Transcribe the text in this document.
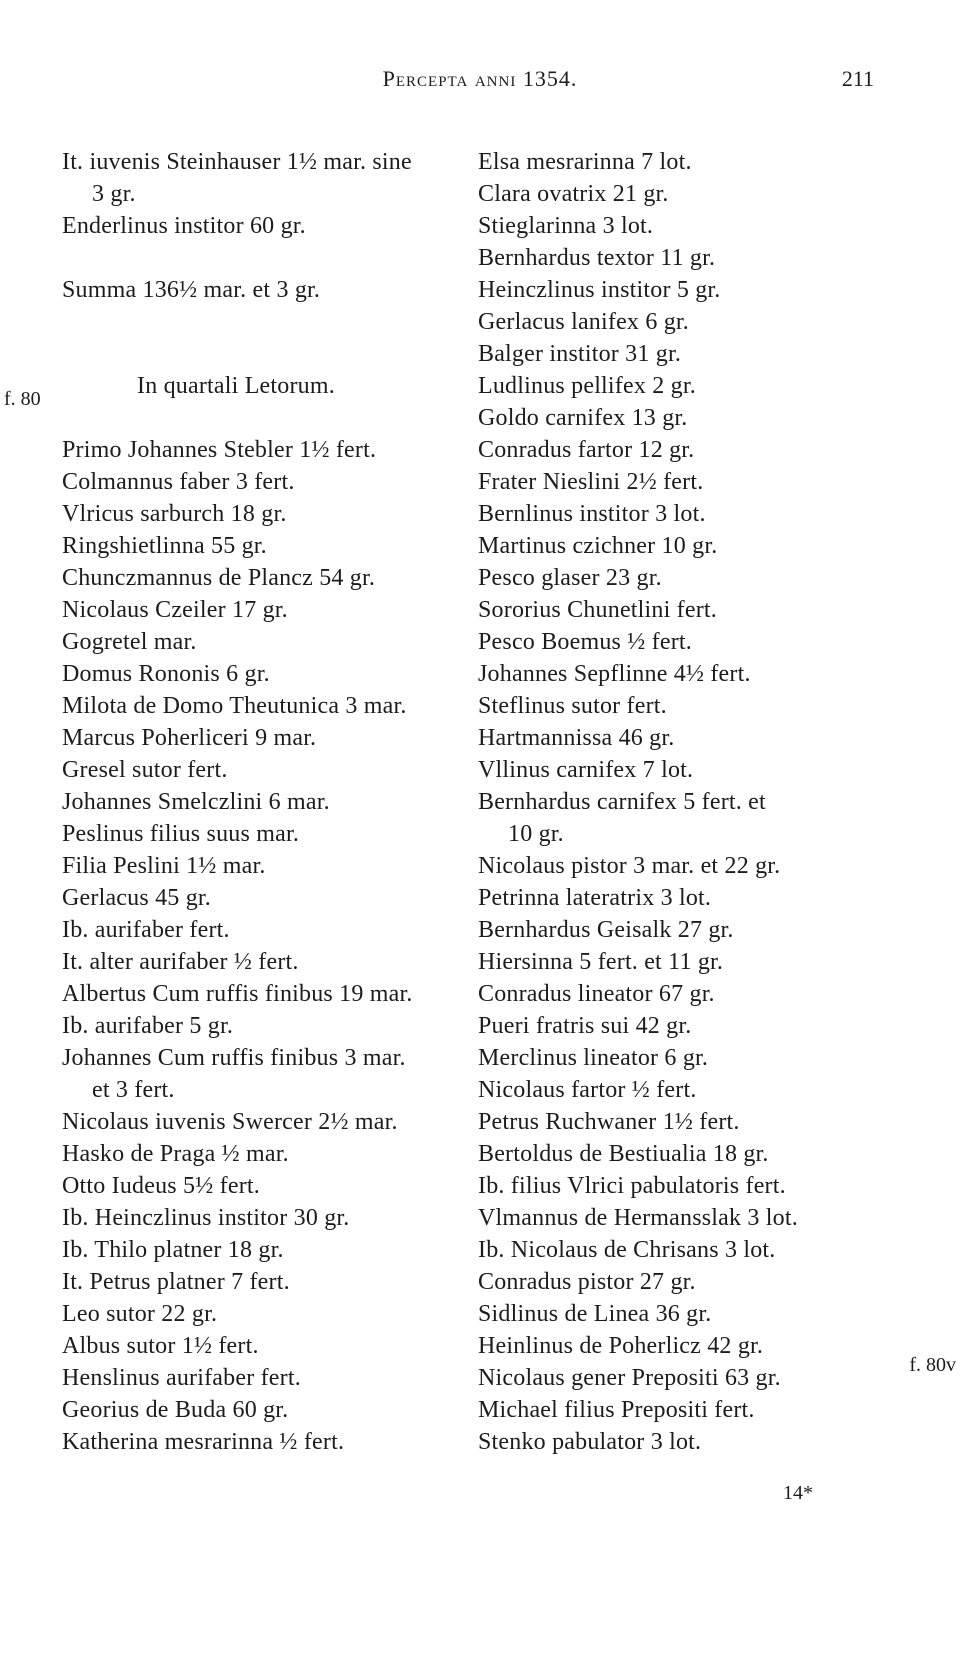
Percepta anni 1354.	211
f. 80
f. 80v
It. iuvenis Steinhauser 1½ mar. sine
3 gr.
Enderlinus institor 60 gr.
Summa 136½ mar. et 3 gr.
In quartali Letorum.
Primo Johannes Stebler 1½ fert.
Colmannus faber 3 fert.
Vlricus sarburch 18 gr.
Ringshietlinna 55 gr.
Chunczmannus de Plancz 54 gr.
Nicolaus Czeiler 17 gr.
Gogretel mar.
Domus Rononis 6 gr.
Milota de Domo Theutunica 3 mar.
Marcus Poherliceri 9 mar.
Gresel sutor fert.
Johannes Smelczlini 6 mar.
Peslinus filius suus mar.
Filia Peslini 1½ mar.
Gerlacus 45 gr.
Ib. aurifaber fert.
It. alter aurifaber ½ fert.
Albertus Cum ruffis finibus 19 mar.
Ib. aurifaber 5 gr.
Johannes Cum ruffis finibus 3 mar.
et 3 fert.
Nicolaus iuvenis Swercer 2½ mar.
Hasko de Praga ½ mar.
Otto Iudeus 5½ fert.
Ib. Heinczlinus institor 30 gr.
Ib. Thilo platner 18 gr.
It. Petrus platner 7 fert.
Leo sutor 22 gr.
Albus sutor 1½ fert.
Henslinus aurifaber fert.
Georius de Buda 60 gr.
Katherina mesrarinna ½ fert.
Elsa mesrarinna 7 lot.
Clara ovatrix 21 gr.
Stieglarinna 3 lot.
Bernhardus textor 11 gr.
Heinczlinus institor 5 gr.
Gerlacus lanifex 6 gr.
Balger institor 31 gr.
Ludlinus pellifex 2 gr.
Goldo carnifex 13 gr.
Conradus fartor 12 gr.
Frater Nieslini 2½ fert.
Bernlinus institor 3 lot.
Martinus czichner 10 gr.
Pesco glaser 23 gr.
Sororius Chunetlini fert.
Pesco Boemus ½ fert.
Johannes Sepflinne 4½ fert.
Steflinus sutor fert.
Hartmannissa 46 gr.
Vllinus carnifex 7 lot.
Bernhardus carnifex 5 fert. et
10 gr.
Nicolaus pistor 3 mar. et 22 gr.
Petrinna lateratrix 3 lot.
Bernhardus Geisalk 27 gr.
Hiersinna 5 fert. et 11 gr.
Conradus lineator 67 gr.
Pueri fratris sui 42 gr.
Merclinus lineator 6 gr.
Nicolaus fartor ½ fert.
Petrus Ruchwaner 1½ fert.
Bertoldus de Bestiualia 18 gr.
Ib. filius Vlrici pabulatoris fert.
Vlmannus de Hermansslak 3 lot.
Ib. Nicolaus de Chrisans 3 lot.
Conradus pistor 27 gr.
Sidlinus de Linea 36 gr.
Heinlinus de Poherlicz 42 gr.
Nicolaus gener Prepositi 63 gr.
Michael filius Prepositi fert.
Stenko pabulator 3 lot.
14*
